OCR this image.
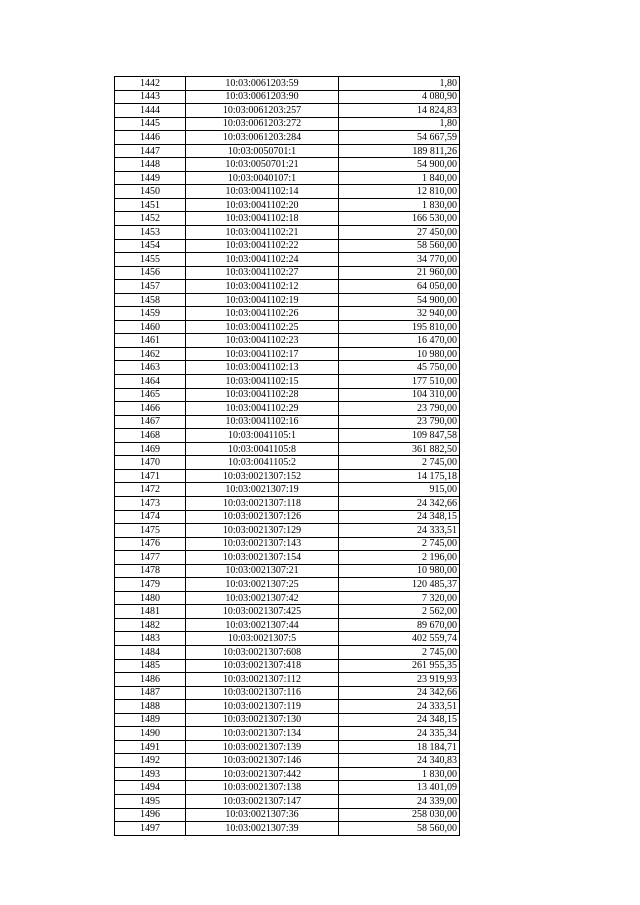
1442	10:03:0061203:59	1,80
1443	10:03:0061203:90	4 080,90
1444	10:03:0061203:257	14 824,83
1445	10:03:0061203:272	1,80
1446	10:03:0061203:284	54 667,59
1447	10:03:0050701:1	189 811,26
1448	10:03:0050701:21	54 900,00
1449	10:03:0040107:1	1 840,00
1450	10:03:0041102:14	12 810,00
1451	10:03:0041102:20	1 830,00
1452	10:03:0041102:18	166 530,00
1453	10:03:0041102:21	27 450,00
1454	10:03:0041102:22	58 560,00
1455	10:03:0041102:24	34 770,00
1456	10:03:0041102:27	21 960,00
1457	10:03:0041102:12	64 050,00
1458	10:03:0041102:19	54 900,00
1459	10:03:0041102:26	32 940,00
1460	10:03:0041102:25	195 810,00
1461	10:03:0041102:23	16 470,00
1462	10:03:0041102:17	10 980,00
1463	10:03:0041102:13	45 750,00
1464	10:03:0041102:15	177 510,00
1465	10:03:0041102:28	104 310,00
1466	10:03:0041102:29	23 790,00
1467	10:03:0041102:16	23 790,00
1468	10:03:0041105:1	109 847,58
1469	10:03:0041105:8	361 882,50
1470	10:03:0041105:2	2 745,00
1471	10:03:0021307:152	14 175,18
1472	10:03:0021307:19	915,00
1473	10:03:0021307:118	24 342,66
1474	10:03:0021307:126	24 348,15
1475	10:03:0021307:129	24 333,51
1476	10:03:0021307:143	2 745,00
1477	10:03:0021307:154	2 196,00
1478	10:03:0021307:21	10 980,00
1479	10:03:0021307:25	120 485,37
1480	10:03:0021307:42	7 320,00
1481	10:03:0021307:425	2 562,00
1482	10:03:0021307:44	89 670,00
1483	10:03:0021307:5	402 559,74
1484	10:03:0021307:608	2 745,00
1485	10:03:0021307:418	261 955,35
1486	10:03:0021307:112	23 919,93
1487	10:03:0021307:116	24 342,66
1488	10:03:0021307:119	24 333,51
1489	10:03:0021307:130	24 348,15
1490	10:03:0021307:134	24 335,34
1491	10:03:0021307:139	18 184,71
1492	10:03:0021307:146	24 340,83
1493	10:03:0021307:442	1 830,00
1494	10:03:0021307:138	13 401,09
1495	10:03:0021307:147	24 339,00
1496	10:03:0021307:36	258 030,00
1497	10:03:0021307:39	58 560,00
